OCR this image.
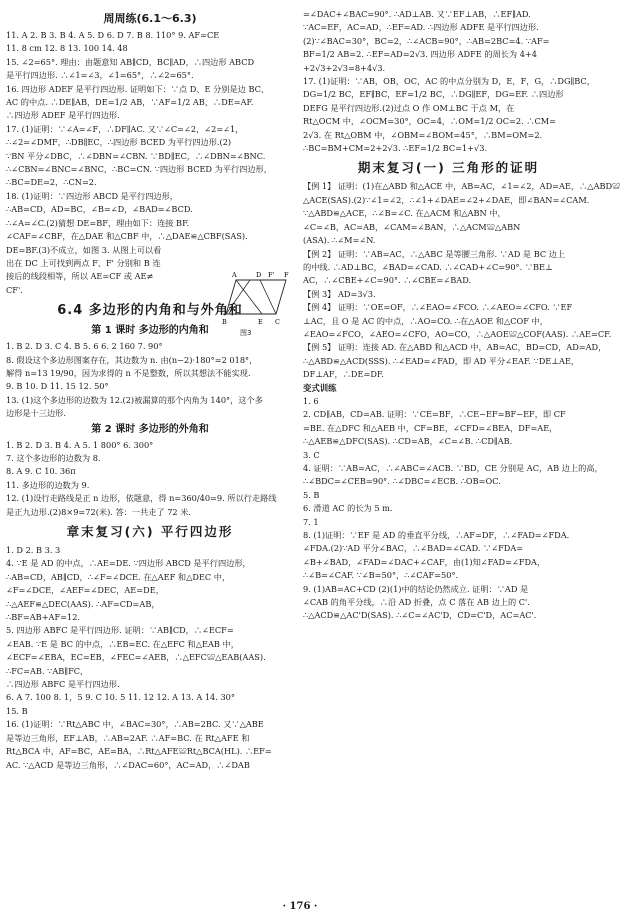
周周练(6.1～6.3)
11. A 2. B 3. B 4. A 5. D 6. D 7. B 8. 110° 9. AF=CE
11. 8 cm 12. 8 13. 100 14. 48
15. ∠2=65°. 理由：由题意知 AB∥CD，BC∥AD，∴四边形 ABCD
是平行四边形. ∴∠1=∠3，∠1=65°，∴∠2=65°.
16. 四边形 ADEF 是平行四边形. 证明如下：∵点 D、E 分别是边 BC、
AC 的中点. ∴DE∥AB，DE=1/2 AB，∵AF=1/2 AB，∴DE=AF.
∴四边形 ADEF 是平行四边形.
17. (1)证明：∵∠A=∠F，∴DF∥AC. 又∵∠C=∠2，∠2=∠1，
∴∠2=∠DMF，∴DB∥EC，∴四边形 BCED 为平行四边形.(2)
∵BN 平分∠DBC，∴∠DBN=∠CBN. ∵BD∥EC，∴∠DBN=∠BNC.
∴∠CBN=∠BNC=∠BNC，∴BC=CN. ∵四边形 BCED 为平行四边形，
∴BC=DE=2，∴CN=2.
18. (1)证明：∵四边形 ABCD 是平行四边形，
∴AB=CD，AD=BC，∠B=∠D，∠BAD=∠BCD.
∴∠A=∠C.(2)猜想 DE=BF，理由如下：连接 BF.
∠CAF=∠CBF，在△DAE 和△CBF 中，∴△DAE≌△CBF(SAS).
DE=BF.(3)不成立，如图 3. 从图上可以看
出在 DC 上可找到两点 F、F' 分别和 B 连
接后的线段相等，所以 AE=CF 或 AE≠
CF'.
6.4 多边形的内角和与外角和
第 1 课时 多边形的内角和
1. B 2. D 3. C 4. B 5. 6 6. 2 160 7. 90°
8. 假设这个多边形图案存在，其边数为 n. 由(n−2)·180°=2 018°，
解得 n=13 19/90，因为求得的 n 不是整数，所以其想法不能实现.
9. B 10. D 11. 15 12. 50°
13. (1)这个多边形的边数为 12.(2)被漏算的那个内角为 140°，这个多
边形是十三边形.
第 2 课时 多边形的外角和
1. B 2. D 3. B 4. A 5. 1 800° 6. 300°
7. 这个多边形的边数为 8.
8. A 9. C 10. 36π
11. 多边形的边数为 9.
12. (1)设行走路线是正 n 边形，依题意，得 n=360/40=9. 所以行走路线
是正九边形.(2)8×9=72(米). 答：一共走了 72 米.
章末复习(六) 平行四边形
1. D 2. B 3. 3
4. ∵E 是 AD 的中点，∴AE=DE. ∵四边形 ABCD 是平行四边形，
∴AB=CD，AB∥CD，∴∠F=∠DCE. 在△AEF 和△DEC 中，
∠F=∠DCE，∠AEF=∠DEC，AE=DE，
∴△AEF≌△DEC(AAS). ∴AF=CD=AB，
∴BF=AB+AF=12.
5. 四边形 ABFC 是平行四边形. 证明：∵AB∥CD，∴∠ECF=
∠EAB. ∵E 是 BC 的中点，∴EB=EC. 在△EFC 和△EAB 中，
∠ECF=∠EBA，EC=EB，∠FEC=∠AEB，∴△EFC≌△EAB(AAS).
∴FC=AB. ∵AB∥FC，
∴四边形 ABFC 是平行四边形.
6. A 7. 100 8. 1，5 9. C 10. 5 11. 12 12. A 13. A 14. 30°
15. B
16. (1)证明：∵Rt△ABC 中，∠BAC=30°，∴AB=2BC. 又∵△ABE
是等边三角形，EF⊥AB，∴AB=2AF. ∴AF=BC. 在 Rt△AFE 和
Rt△BCA 中，AF=BC，AE=BA，∴Rt△AFE≌Rt△BCA(HL). ∴EF=
AC. ∵△ACD 是等边三角形，∴∠DAC=60°，AC=AD，∴∠DAB
=∠DAC+∠BAC=90°. ∴AD⊥AB. 又∵EF⊥AB，∴EF∥AD.
∵AC=EF，AC=AD，∴EF=AD. ∴四边形 ADFE 是平行四边形.
(2)∵∠BAC=30°，BC=2，∴∠ACB=90°，∴AB=2BC=4. ∵AF=
BF=1/2 AB=2. ∴EF=AD=2√3. 四边形 ADFE 的周长为 4+4
+2√3+2√3=8+4√3.
17. (1)证明：∵AB，OB，OC，AC 的中点分别为 D，E，F，G，∴DG∥BC，
DG=1/2 BC，EF∥BC，EF=1/2 BC，∴DG∥EF，DG=EF. ∴四边形
DEFG 是平行四边形.(2)过点 O 作 OM⊥BC 于点 M，在
Rt△OCM 中，∠OCM=30°，OC=4，∴OM=1/2 OC=2. ∴CM=
2√3. 在 Rt△OBM 中，∠OBM=∠BOM=45°，∴BM=OM=2.
∴BC=BM+CM=2+2√3. ∴EF=1/2 BC=1+√3.
期末复习(一) 三角形的证明
【例 1】 证明：(1)在△ABD 和△ACE 中，AB=AC，∠1=∠2，AD=AE，∴△ABD≌
△ACE(SAS).(2)∵∠1=∠2，∴∠1+∠DAE=∠2+∠DAE，即∠BAN=∠CAM.
∵△ABD≌△ACE，∴∠B=∠C. 在△ACM 和△ABN 中，
∠C=∠B，AC=AB，∠CAM=∠BAN，∴△ACM≌△ABN
(ASA). ∴∠M=∠N.
【例 2】 证明：∵AB=AC，∴△ABC 是等腰三角形. ∵AD 是 BC 边上
的中线. ∴AD⊥BC，∠BAD=∠CAD. ∴∠CAD+∠C=90°. ∵BE⊥
AC，∴∠CBE+∠C=90°. ∴∠CBE=∠BAD.
【例 3】 AD=3√3.
【例 4】 证明：∵OE=OF，∴∠EAO=∠FCO. ∴∠AEO=∠CFO. ∵EF
⊥AC，且 O 是 AC 的中点，∴AO=CO. ∴在△AOE 和△COF 中，
∠EAO=∠FCO，∠AEO=∠CFO，AO=CO，∴△AOE≌△COF(AAS). ∴AE=CF.
【例 5】 证明：连接 AD. 在△ABD 和△ACD 中，AB=AC，BD=CD，AD=AD，
∴△ABD≌△ACD(SSS). ∴∠EAD=∠FAD，即 AD 平分∠EAF. ∵DE⊥AE，
DF⊥AF，∴DE=DF.
变式训练
1. 6
2. CD∥AB，CD=AB. 证明：∵CE=BF，∴CE−EF=BF−EF，即 CF
=BE. 在△DFC 和△AEB 中，CF=BE，∠CFD=∠BEA，DF=AE，
∴△AEB≌△DFC(SAS). ∴CD=AB，∠C=∠B. ∴CD∥AB.
3. C
4. 证明：∵AB=AC，∴∠ABC=∠ACB. ∵BD，CE 分别是 AC，AB 边上的高，
∴∠BDC=∠CEB=90°. ∴∠DBC=∠ECB. ∴OB=OC.
5. B
6. 滑道 AC 的长为 5 m.
7. 1
8. (1)证明：∵EF 是 AD 的垂直平分线，∴AF=DF，∴∠FAD=∠FDA.
∠FDA.(2)∵AD 平分∠BAC，∴∠BAD=∠CAD. ∵∠FDA=
∠B+∠BAD，∠FAD=∠DAC+∠CAF，由(1)知∠FAD=∠FDA，
∴∠B=∠CAF. ∵∠B=50°，∴∠CAF=50°.
9. (1)AB=AC+CD (2)(1)中的结论仍然成立. 证明：∵AD 是
∠CAB 的角平分线，∴沿 AD 折叠，点 C 落在 AB 边上的 C'.
∴△ACD≌△AC'D(SAS). ∴∠C=∠AC'D，CD=C'D，AC=AC'.
A	D F' F
B	E C
图3
· 176 ·
